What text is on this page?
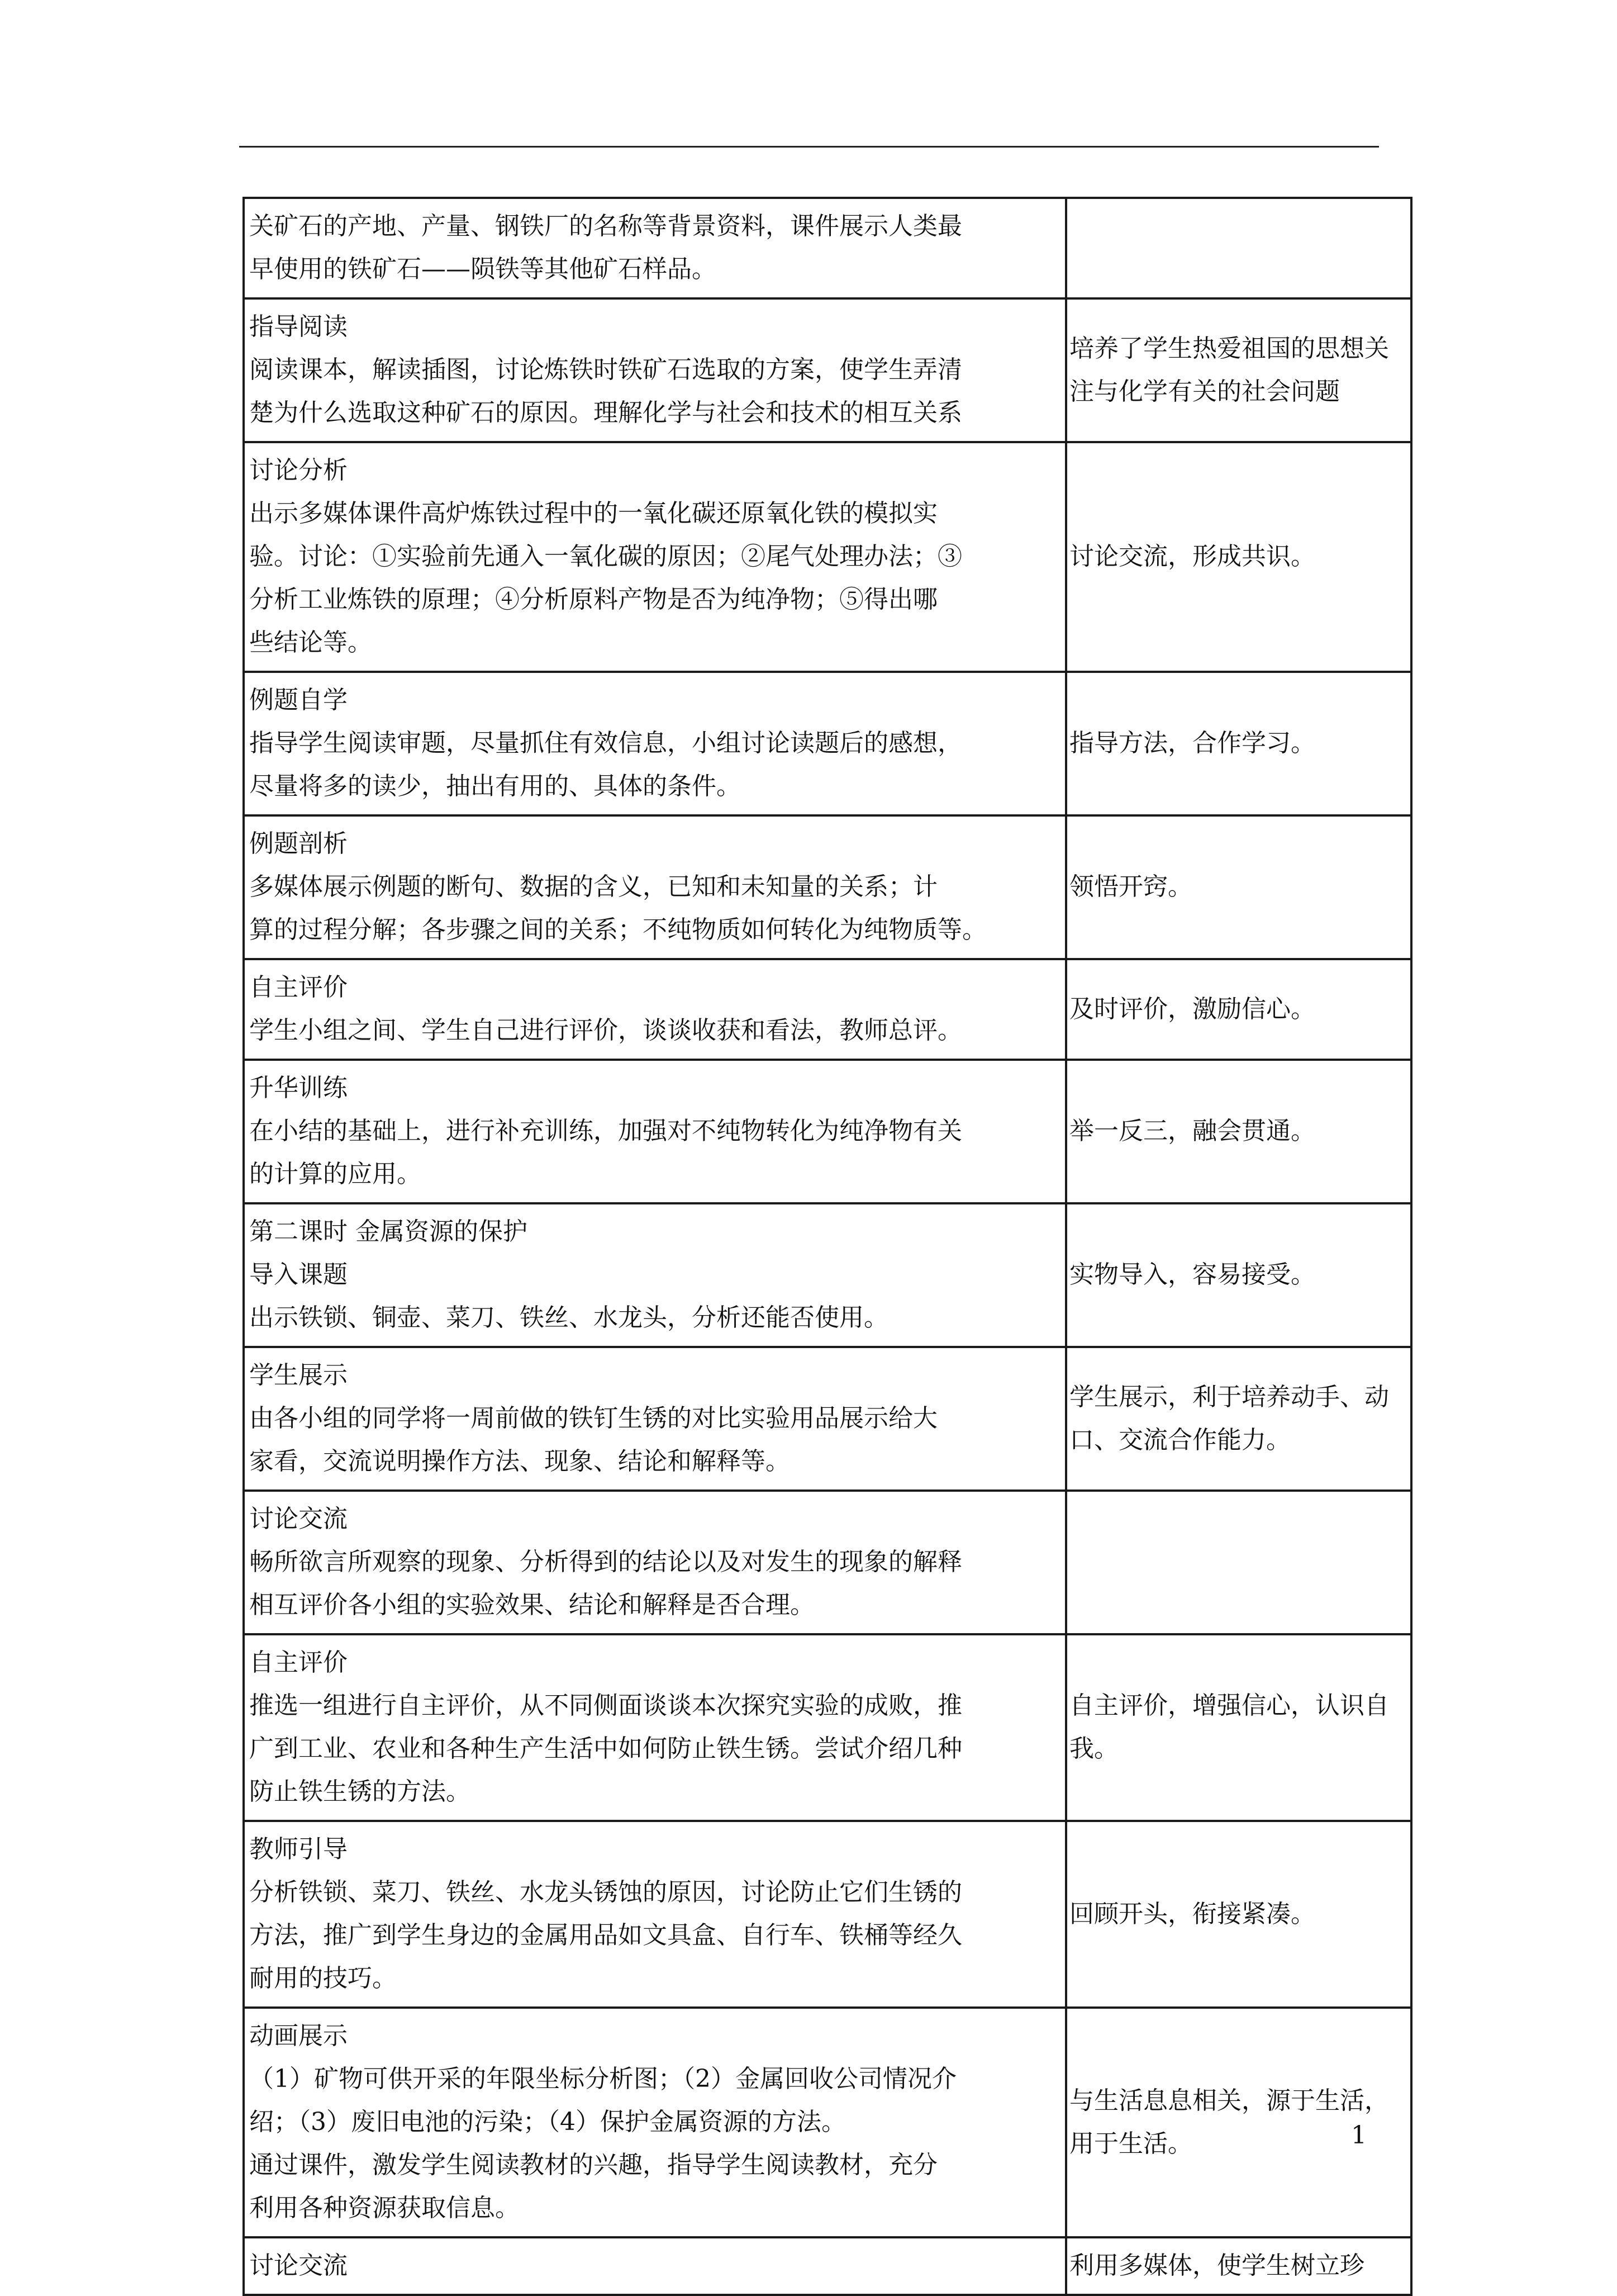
关矿石的产地、产量、钢铁厂的名称等背景资料，课件展示人类最
早使用的铁矿石——陨铁等其他矿石样品。	

指导阅读
阅读课本，解读插图，讨论炼铁时铁矿石选取的方案，使学生弄清
楚为什么选取这种矿石的原因。理解化学与社会和技术的相互关系	培养了学生热爱祖国的思想关注与化学有关的社会问题

讨论分析
出示多媒体课件高炉炼铁过程中的一氧化碳还原氧化铁的模拟实
验。讨论：①实验前先通入一氧化碳的原因；②尾气处理办法；③
分析工业炼铁的原理；④分析原料产物是否为纯净物；⑤得出哪
些结论等。	讨论交流，形成共识。

例题自学
指导学生阅读审题，尽量抓住有效信息，小组讨论读题后的感想，
尽量将多的读少，抽出有用的、具体的条件。	指导方法，合作学习。

例题剖析
多媒体展示例题的断句、数据的含义，已知和未知量的关系；计
算的过程分解；各步骤之间的关系；不纯物质如何转化为纯物质等。	领悟开窍。

自主评价
学生小组之间、学生自己进行评价，谈谈收获和看法，教师总评。	及时评价，激励信心。

升华训练
在小结的基础上，进行补充训练，加强对不纯物转化为纯净物有关
的计算的应用。	举一反三，融会贯通。

第二课时 金属资源的保护
导入课题
出示铁锁、铜壶、菜刀、铁丝、水龙头，分析还能否使用。	实物导入，容易接受。

学生展示
由各小组的同学将一周前做的铁钉生锈的对比实验用品展示给大
家看，交流说明操作方法、现象、结论和解释等。	学生展示，利于培养动手、动口、交流合作能力。

讨论交流
畅所欲言所观察的现象、分析得到的结论以及对发生的现象的解释
相互评价各小组的实验效果、结论和解释是否合理。	

自主评价
推选一组进行自主评价，从不同侧面谈谈本次探究实验的成败，推
广到工业、农业和各种生产生活中如何防止铁生锈。尝试介绍几种
防止铁生锈的方法。	自主评价，增强信心，认识自我。

教师引导
分析铁锁、菜刀、铁丝、水龙头锈蚀的原因，讨论防止它们生锈的
方法，推广到学生身边的金属用品如文具盒、自行车、铁桶等经久
耐用的技巧。	回顾开头，衔接紧凑。

动画展示
（1）矿物可供开采的年限坐标分析图；（2）金属回收公司情况介
绍；（3）废旧电池的污染；（4）保护金属资源的方法。
通过课件，激发学生阅读教材的兴趣，指导学生阅读教材，充分
利用各种资源获取信息。	与生活息息相关，源于生活，用于生活。

讨论交流	利用多媒体，使学生树立珍
1
